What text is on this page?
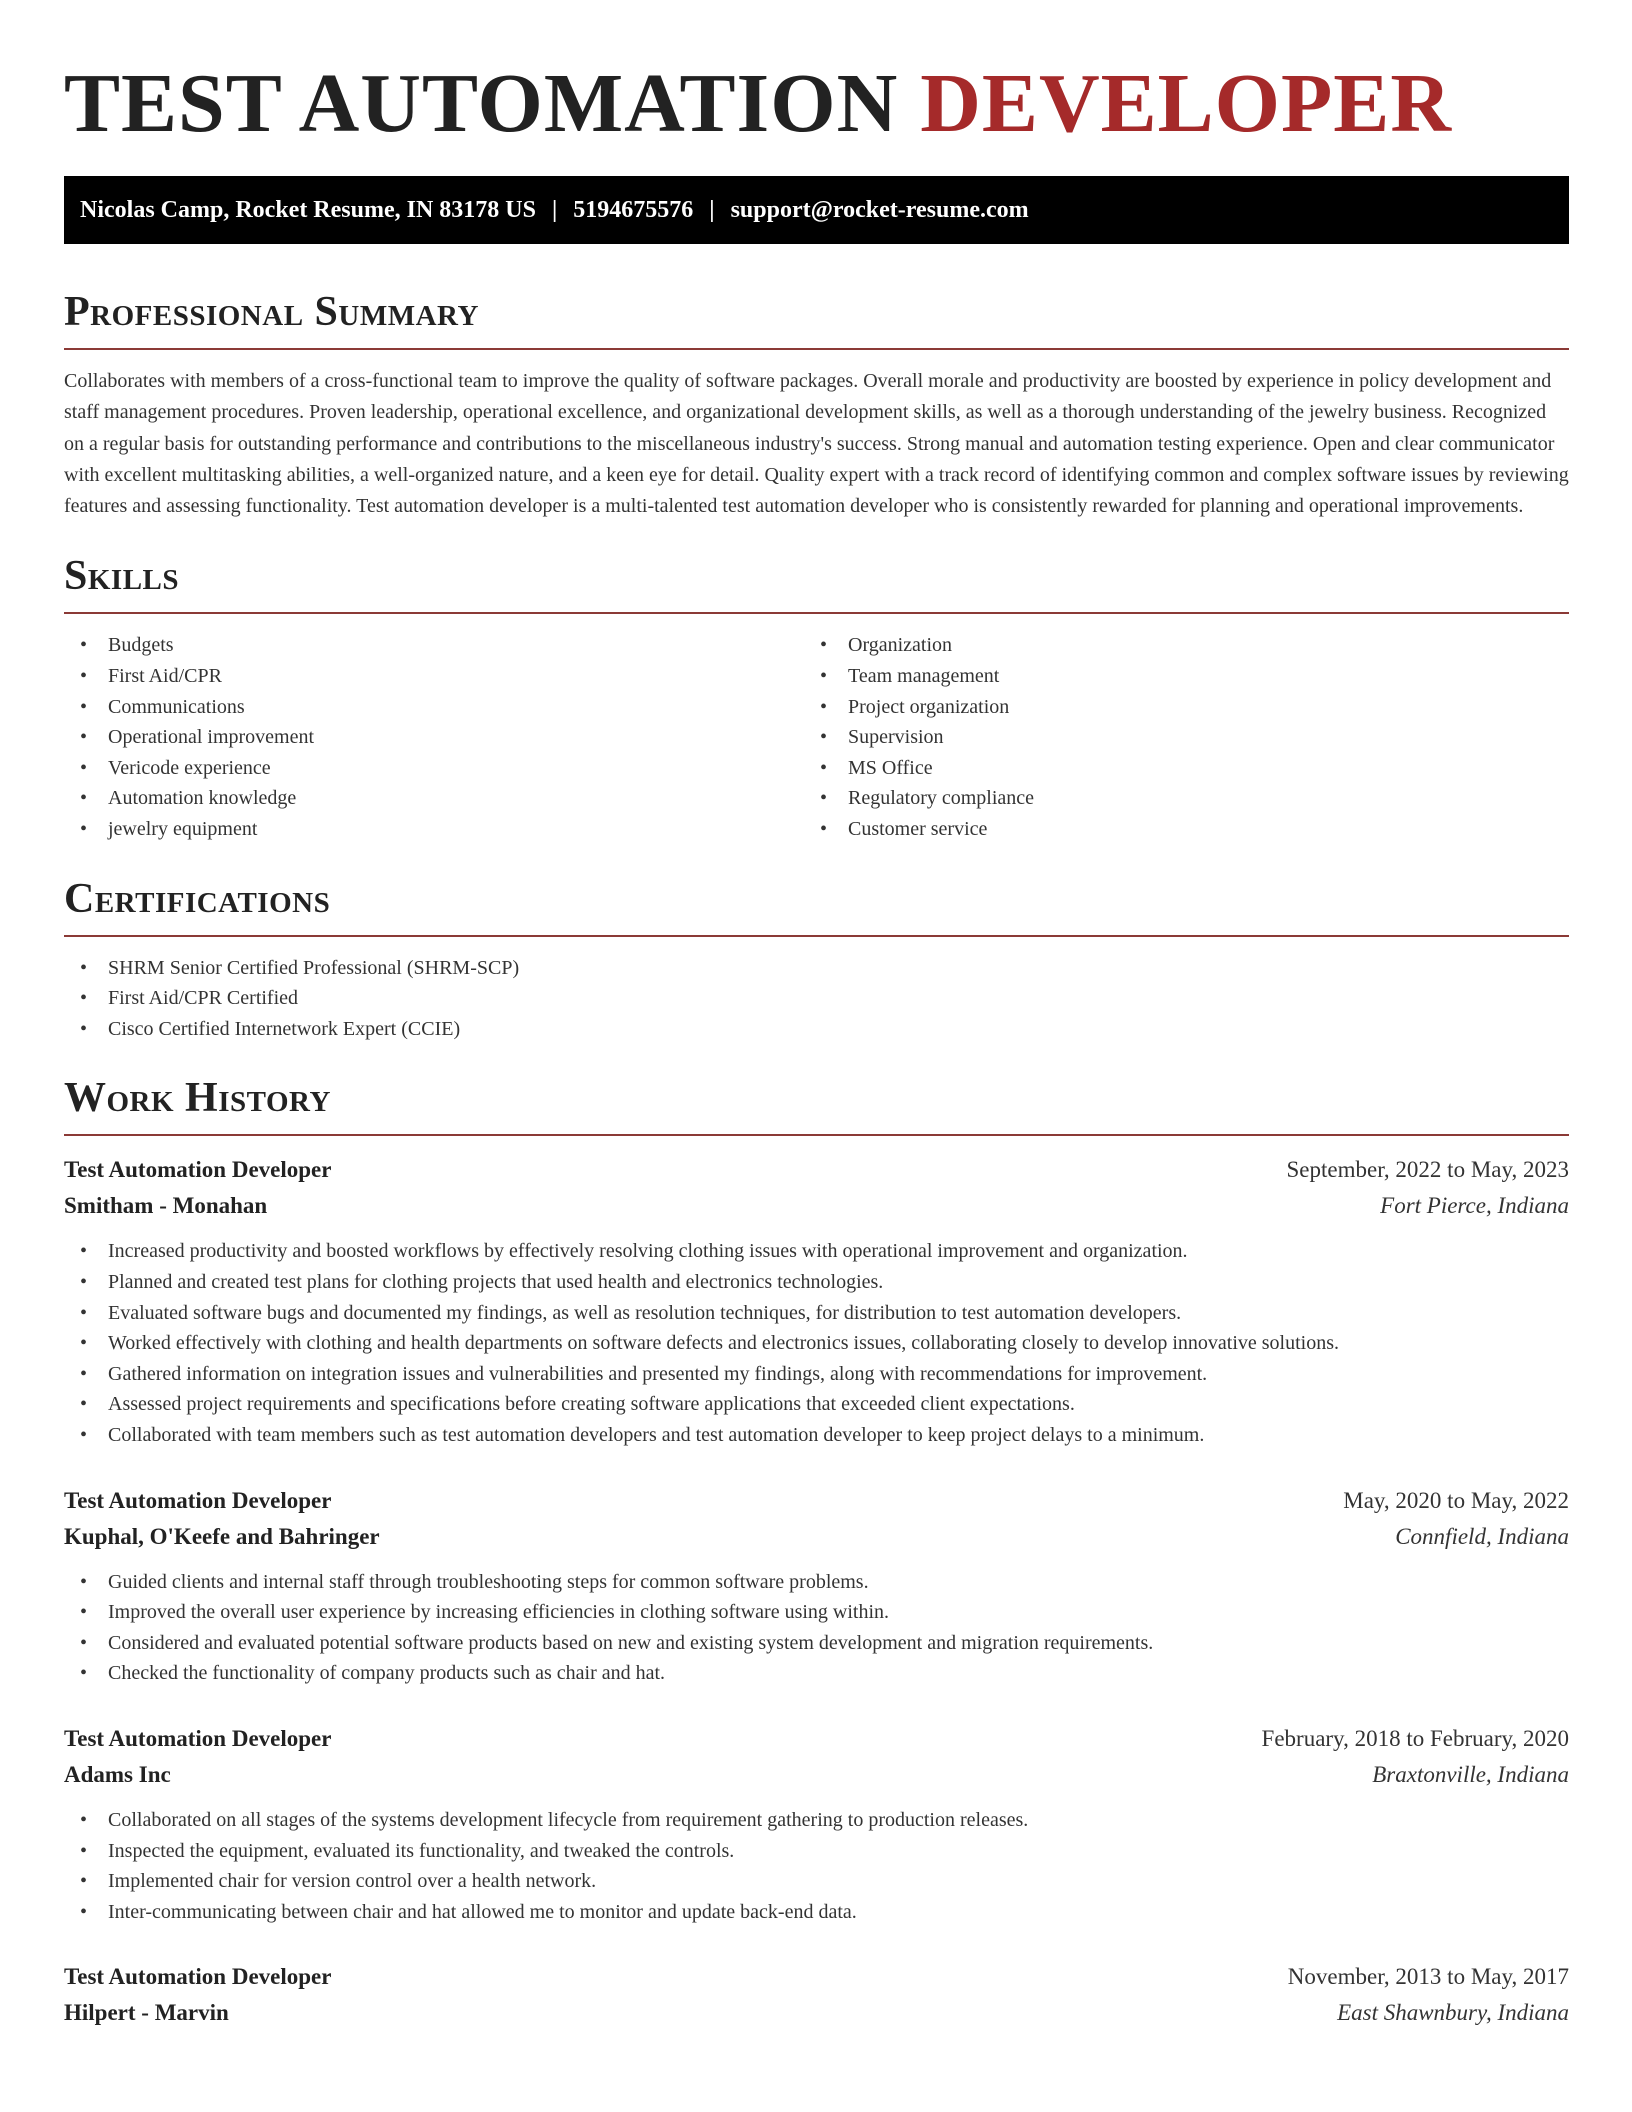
TEST AUTOMATION DEVELOPER
Nicolas Camp, Rocket Resume, IN 83178 US | 5194675576 | support@rocket-resume.com
Professional Summary

Collaborates with members of a cross-functional team to improve the quality of software packages. Overall morale and productivity are boosted by experience in policy development and staff management procedures. Proven leadership, operational excellence, and organizational development skills, as well as a thorough understanding of the jewelry business. Recognized on a regular basis for outstanding performance and contributions to the miscellaneous industry's success. Strong manual and automation testing experience. Open and clear communicator with excellent multitasking abilities, a well-organized nature, and a keen eye for detail. Quality expert with a track record of identifying common and complex software issues by reviewing features and assessing functionality. Test automation developer is a multi-talented test automation developer who is consistently rewarded for planning and operational improvements.

Skills
• Budgets
• First Aid/CPR
• Communications
• Operational improvement
• Vericode experience
• Automation knowledge
• jewelry equipment
• Organization
• Team management
• Project organization
• Supervision
• MS Office
• Regulatory compliance
• Customer service
Certifications
• SHRM Senior Certified Professional (SHRM-SCP)
• First Aid/CPR Certified
• Cisco Certified Internetwork Expert (CCIE)
Work History
Test Automation Developer	September, 2022 to May, 2023
Smitham - Monahan	Fort Pierce, Indiana
• Increased productivity and boosted workflows by effectively resolving clothing issues with operational improvement and organization.
• Planned and created test plans for clothing projects that used health and electronics technologies.
• Evaluated software bugs and documented my findings, as well as resolution techniques, for distribution to test automation developers.
• Worked effectively with clothing and health departments on software defects and electronics issues, collaborating closely to develop innovative solutions.
• Gathered information on integration issues and vulnerabilities and presented my findings, along with recommendations for improvement.
• Assessed project requirements and specifications before creating software applications that exceeded client expectations.
• Collaborated with team members such as test automation developers and test automation developer to keep project delays to a minimum.
Test Automation Developer	May, 2020 to May, 2022
Kuphal, O'Keefe and Bahringer	Connfield, Indiana
• Guided clients and internal staff through troubleshooting steps for common software problems.
• Improved the overall user experience by increasing efficiencies in clothing software using within.
• Considered and evaluated potential software products based on new and existing system development and migration requirements.
• Checked the functionality of company products such as chair and hat.
Test Automation Developer	February, 2018 to February, 2020
Adams Inc	Braxtonville, Indiana
• Collaborated on all stages of the systems development lifecycle from requirement gathering to production releases.
• Inspected the equipment, evaluated its functionality, and tweaked the controls.
• Implemented chair for version control over a health network.
• Inter-communicating between chair and hat allowed me to monitor and update back-end data.
Test Automation Developer	November, 2013 to May, 2017
Hilpert - Marvin	East Shawnbury, Indiana
